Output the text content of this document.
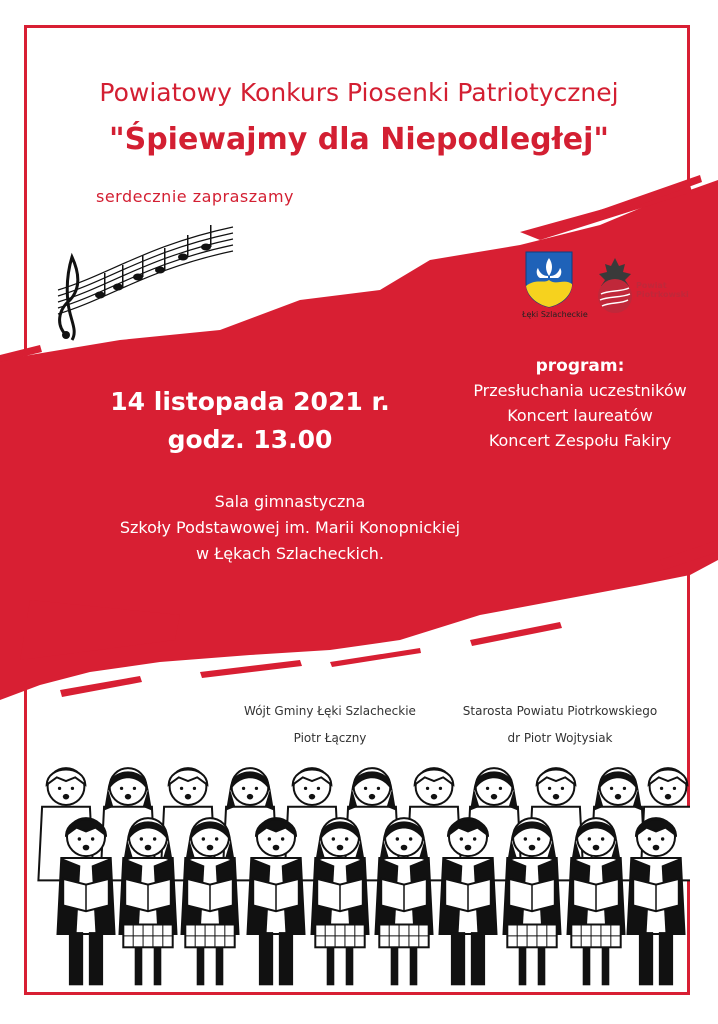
Powiatowy Konkurs Piosenki Patriotycznej

"Śpiewajmy dla Niepodległej"

serdecznie zapraszamy

Łęki Szlacheckie

Powiat
Piotrkowski

14 listopada 2021 r.

godz. 13.00

program:

Przesłuchania uczestników

Koncert laureatów

Koncert Zespołu Fakiry

Sala gimnastyczna

Szkoły Podstawowej im. Marii Konopnickiej

w Łękach Szlacheckich.

Wójt Gminy Łęki Szlacheckie

Piotr Łączny

Starosta Powiatu Piotrkowskiego

dr Piotr Wojtysiak
